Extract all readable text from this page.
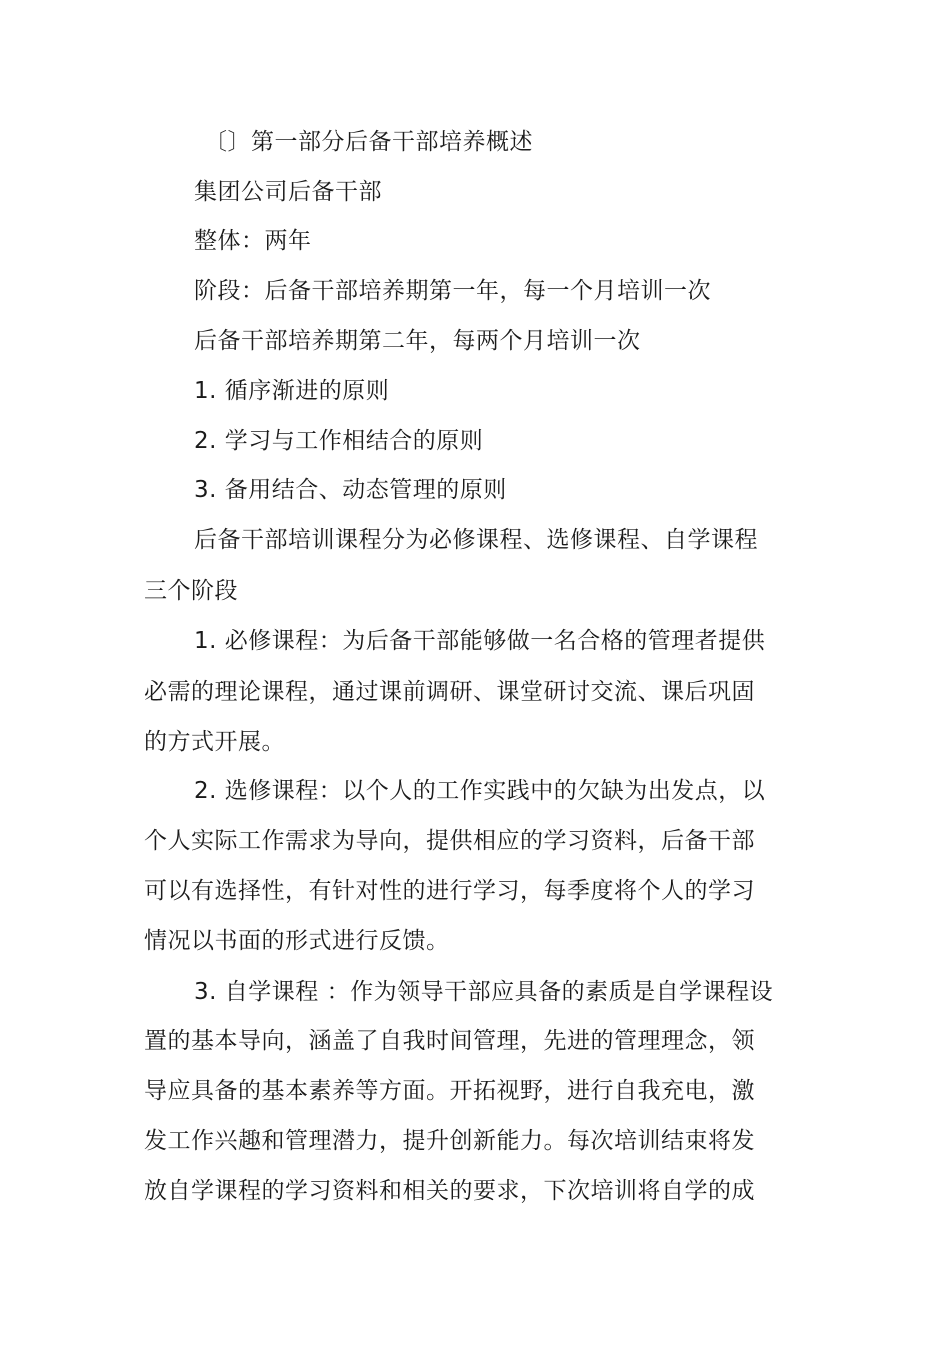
〔〕第一部分后备干部培养概述
集团公司后备干部
整体：两年
阶段：后备干部培养期第一年，每一个月培训一次
后备干部培养期第二年，每两个月培训一次
1. 循序渐进的原则
2. 学习与工作相结合的原则
3. 备用结合、动态管理的原则
后备干部培训课程分为必修课程、选修课程、自学课程
三个阶段
1. 必修课程：为后备干部能够做一名合格的管理者提供
必需的理论课程，通过课前调研、课堂研讨交流、课后巩固
的方式开展。
2. 选修课程：以个人的工作实践中的欠缺为出发点，以
个人实际工作需求为导向，提供相应的学习资料，后备干部
可以有选择性，有针对性的进行学习，每季度将个人的学习
情况以书面的形式进行反馈。
3. 自学课程 ：作为领导干部应具备的素质是自学课程设
置的基本导向，涵盖了自我时间管理，先进的管理理念，领
导应具备的基本素养等方面。开拓视野，进行自我充电，激
发工作兴趣和管理潜力，提升创新能力。每次培训结束将发
放自学课程的学习资料和相关的要求，下次培训将自学的成
